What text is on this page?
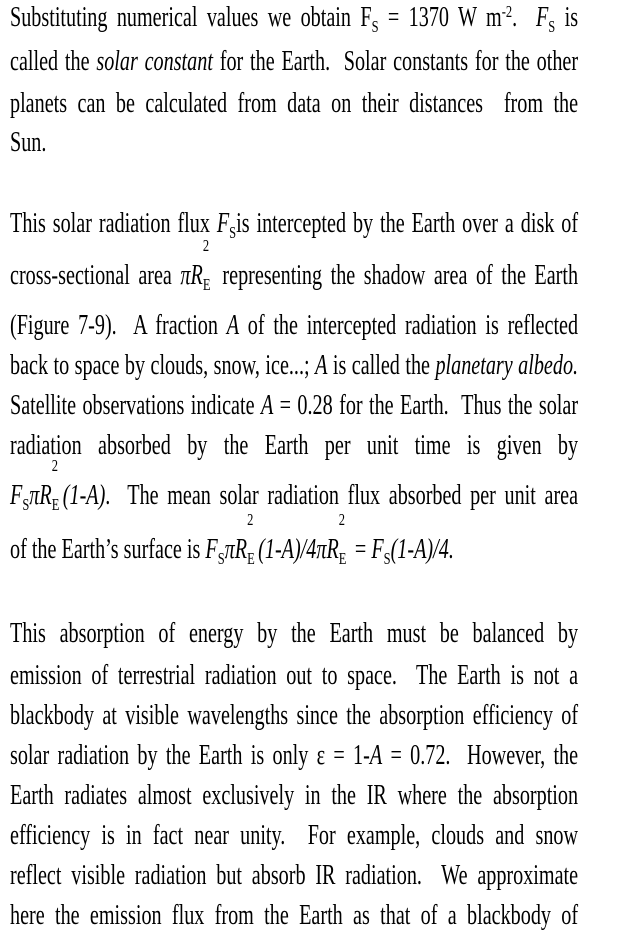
Substituting numerical values we obtain $F_S = 1370$ W $m^{-2}$.  $F_S$ is
called the solar constant for the Earth.  Solar constants for the other
planets can be calculated from data on their distances  from the
Sun.
This solar radiation flux $F_Sis$ intercepted by the Earth over a disk of
cross-sectional area $\pi R_E$
2
representing the shadow area of the Earth
(Figure 7-9).  A fraction A of the intercepted radiation is reflected
back to space by clouds, snow, ice...; A is called the planetary albedo.
Satellite observations indicate A = 0.28 for the Earth.  Thus the solar
radiation  absorbed  by  the  Earth  per  unit  time  is  given  by
$F_S\pi R_E$
2
(1-A).  The mean solar radiation flux absorbed per unit area
of the Earth’s surface is $F_S\pi R_E$
2
$(1-A)/4\pi R_E$
2
= $F_S(1-A)/4$.
This  absorption  of  energy  by  the  Earth  must  be  balanced  by
emission of terrestrial radiation out to space.  The Earth is not a
blackbody at visible wavelengths since the absorption efficiency of
solar radiation by the Earth is only ε = 1-A = 0.72.  However, the
Earth radiates almost exclusively in the IR where the absorption
efficiency is in fact near unity.  For example, clouds and snow
reflect visible radiation but absorb IR radiation.  We approximate
here the emission flux from the Earth as that of a blackbody of
